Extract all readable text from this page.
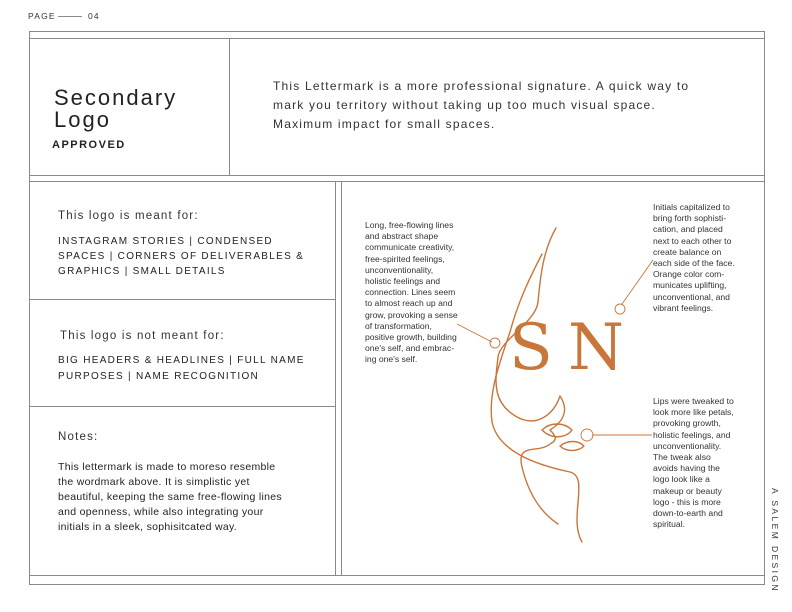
PAGE	04
Secondary
Logo
APPROVED
This Lettermark is a more professional signature. A quick way to
mark you territory without taking up too much visual space.
Maximum impact for small spaces.
This logo is meant for:
INSTAGRAM STORIES | CONDENSED
SPACES | CORNERS OF DELIVERABLES &
GRAPHICS | SMALL DETAILS
This logo is not meant for:
BIG HEADERS & HEADLINES | FULL NAME
PURPOSES | NAME RECOGNITION
Notes:
This lettermark is made to moreso resemble
the wordmark above. It is simplistic yet
beautiful, keeping the same free-flowing lines
and openness, while also integrating your
initials in a sleek, sophisitcated way.
Long, free-flowing lines
and abstract shape
communicate creativity,
free-spirited feelings,
unconventionality,
holistic feelings and
connection. Lines seem
to almost reach up and
grow, provoking a sense
of transformation,
positive growth, building
one's self, and embrac-
ing one's self.
Initials capitalized to
bring forth sophisti-
cation, and placed
next to each other to
create balance on
each side of the face.
Orange color com-
municates uplifting,
unconventional, and
vibrant feelings.
Lips were tweaked to
look more like petals,
provoking growth,
holistic feelings, and
unconventionality.
The tweak also
avoids having the
logo look like a
makeup or beauty
logo - this is more
down-to-earth and
spiritual.
S N
A SALEM DESIGN
